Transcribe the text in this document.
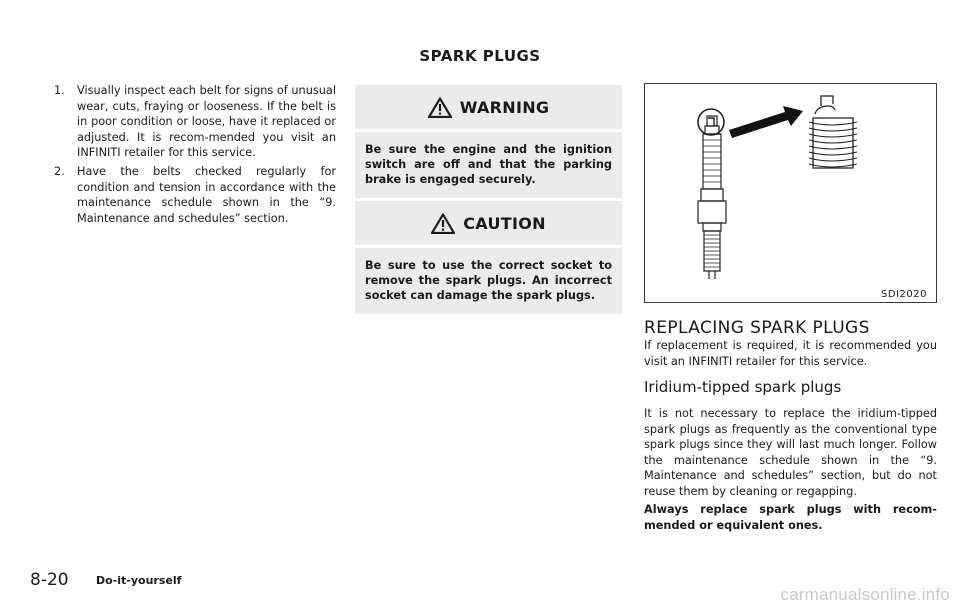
SPARK PLUGS
1. Visually inspect each belt for signs of unusual wear, cuts, fraying or looseness. If the belt is in poor condition or loose, have it replaced or adjusted. It is recom-mended you visit an INFINITI retailer for this service.
2. Have the belts checked regularly for condition and tension in accordance with the maintenance schedule shown in the “9. Maintenance and schedules” section.
WARNING
Be sure the engine and the ignition switch are off and that the parking brake is engaged securely.
CAUTION
Be sure to use the correct socket to remove the spark plugs. An incorrect socket can damage the spark plugs.	SDI2020
REPLACING SPARK PLUGS
If replacement is required, it is recommended you visit an INFINITI retailer for this service.
Iridium-tipped spark plugs
It is not necessary to replace the iridium-tipped spark plugs as frequently as the conventional type spark plugs since they will last much longer. Follow the maintenance schedule shown in the “9. Maintenance and schedules” section, but do not reuse them by cleaning or regapping.
Always replace spark plugs with recom-mended or equivalent ones.
8-20 Do-it-yourself
carmanualsonline.info
